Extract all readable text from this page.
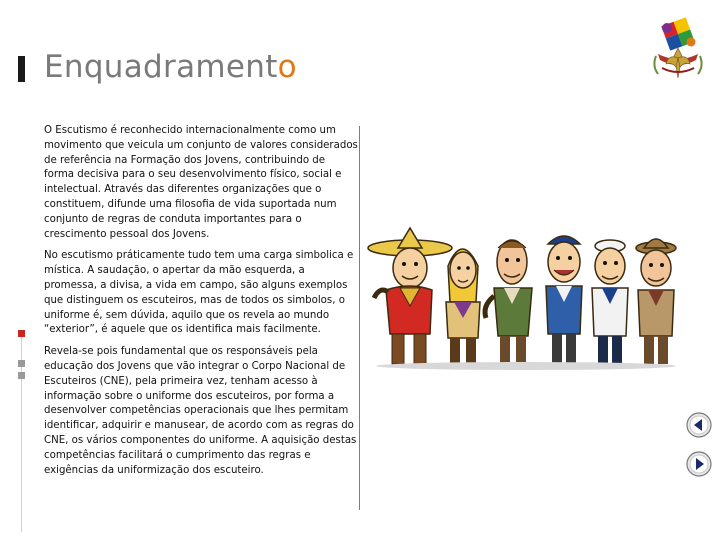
Enquadramento

O Escutismo é reconhecido internacionalmente como um movimento que veicula um conjunto de valores considerados de referência na Formação dos Jovens, contribuindo de forma decisiva para o seu desenvolvimento físico, social e intelectual. Através das diferentes organizações que o constituem, difunde uma filosofia de vida suportada num conjunto de regras de conduta importantes para o crescimento pessoal dos Jovens.

No escutismo práticamente tudo tem uma carga simbolica e mística. A saudação, o apertar da mão esquerda, a promessa, a divisa, a vida em campo, são alguns exemplos que distinguem os escuteiros, mas de todos os simbolos, o uniforme é, sem dúvida, aquilo que os revela ao mundo “exterior”, é aquele que os identifica mais facilmente.

Revela-se pois fundamental que os responsáveis pela educação dos Jovens que vão integrar o Corpo Nacional de Escuteiros (CNE), pela primeira vez, tenham acesso à informação sobre o uniforme dos escuteiros, por forma a desenvolver competências operacionais que lhes permitam identificar, adquirir e manusear, de acordo com as regras do CNE, os vários componentes do uniforme. A aquisição destas competências facilitará o cumprimento das regras e exigências da uniformização dos escuteiro.
